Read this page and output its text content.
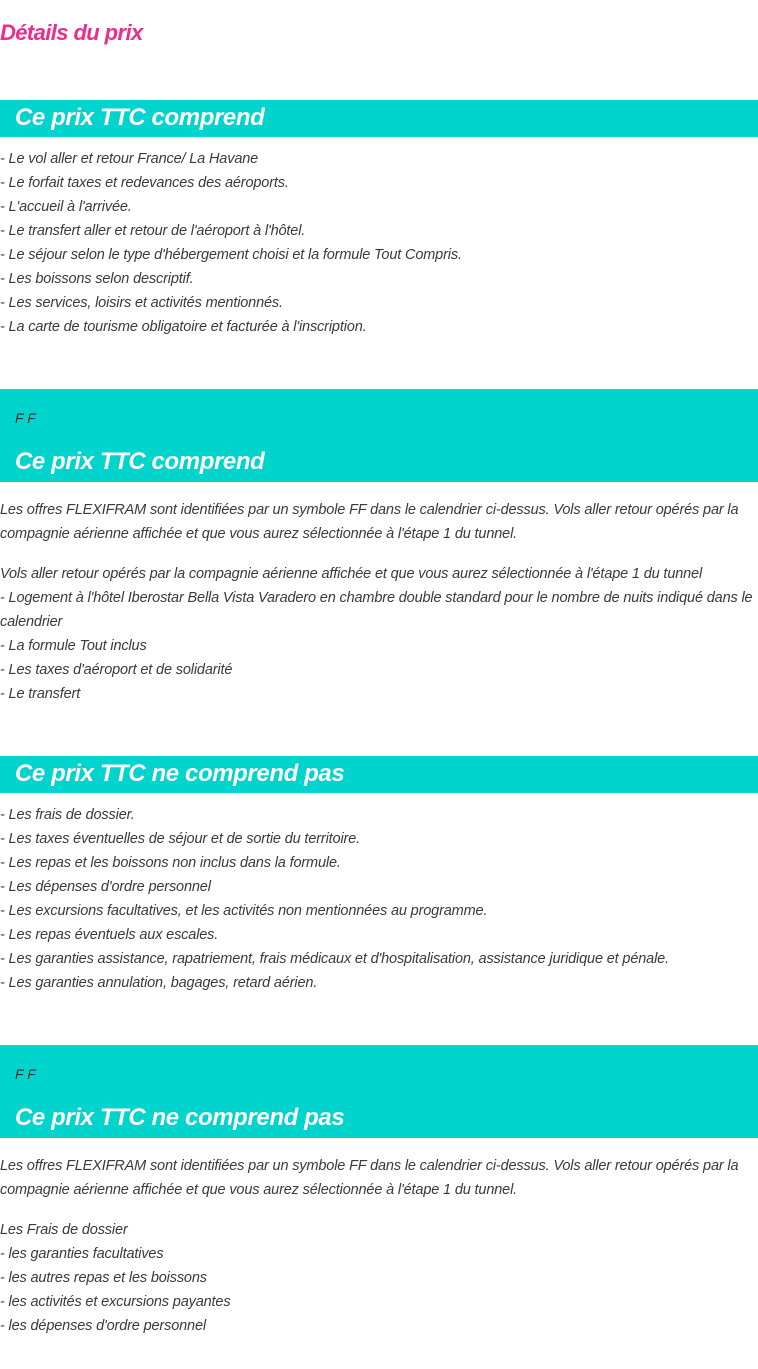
Détails du prix
Ce prix TTC comprend
- Le vol aller et retour France/ La Havane
- Le forfait taxes et redevances des aéroports.
- L'accueil à l'arrivée.
- Le transfert aller et retour de l'aéroport à l'hôtel.
- Le séjour selon le type d'hébergement choisi et la formule Tout Compris.
- Les boissons selon descriptif.
- Les services, loisirs et activités mentionnés.
- La carte de tourisme obligatoire et facturée à l'inscription.
F F
Ce prix TTC comprend

Les offres FLEXIFRAM sont identifiées par un symbole FF dans le calendrier ci-dessus. Vols aller retour opérés par la compagnie aérienne affichée et que vous aurez sélectionnée à l'étape 1 du tunnel.

Vols aller retour opérés par la compagnie aérienne affichée et que vous aurez sélectionnée à l'étape 1 du tunnel
- Logement à l'hôtel Iberostar Bella Vista Varadero en chambre double standard pour le nombre de nuits indiqué dans le calendrier
- La formule Tout inclus
- Les taxes d'aéroport et de solidarité
- Le transfert
Ce prix TTC ne comprend pas
- Les frais de dossier.
- Les taxes éventuelles de séjour et de sortie du territoire.
- Les repas et les boissons non inclus dans la formule.
- Les dépenses d'ordre personnel
- Les excursions facultatives, et les activités non mentionnées au programme.
- Les repas éventuels aux escales.
- Les garanties assistance, rapatriement, frais médicaux et d'hospitalisation, assistance juridique et pénale.
- Les garanties annulation, bagages, retard aérien.
F F
Ce prix TTC ne comprend pas

Les offres FLEXIFRAM sont identifiées par un symbole FF dans le calendrier ci-dessus. Vols aller retour opérés par la compagnie aérienne affichée et que vous aurez sélectionnée à l'étape 1 du tunnel.

Les Frais de dossier
- les garanties facultatives
- les autres repas et les boissons
- les activités et excursions payantes
- les dépenses d'ordre personnel
